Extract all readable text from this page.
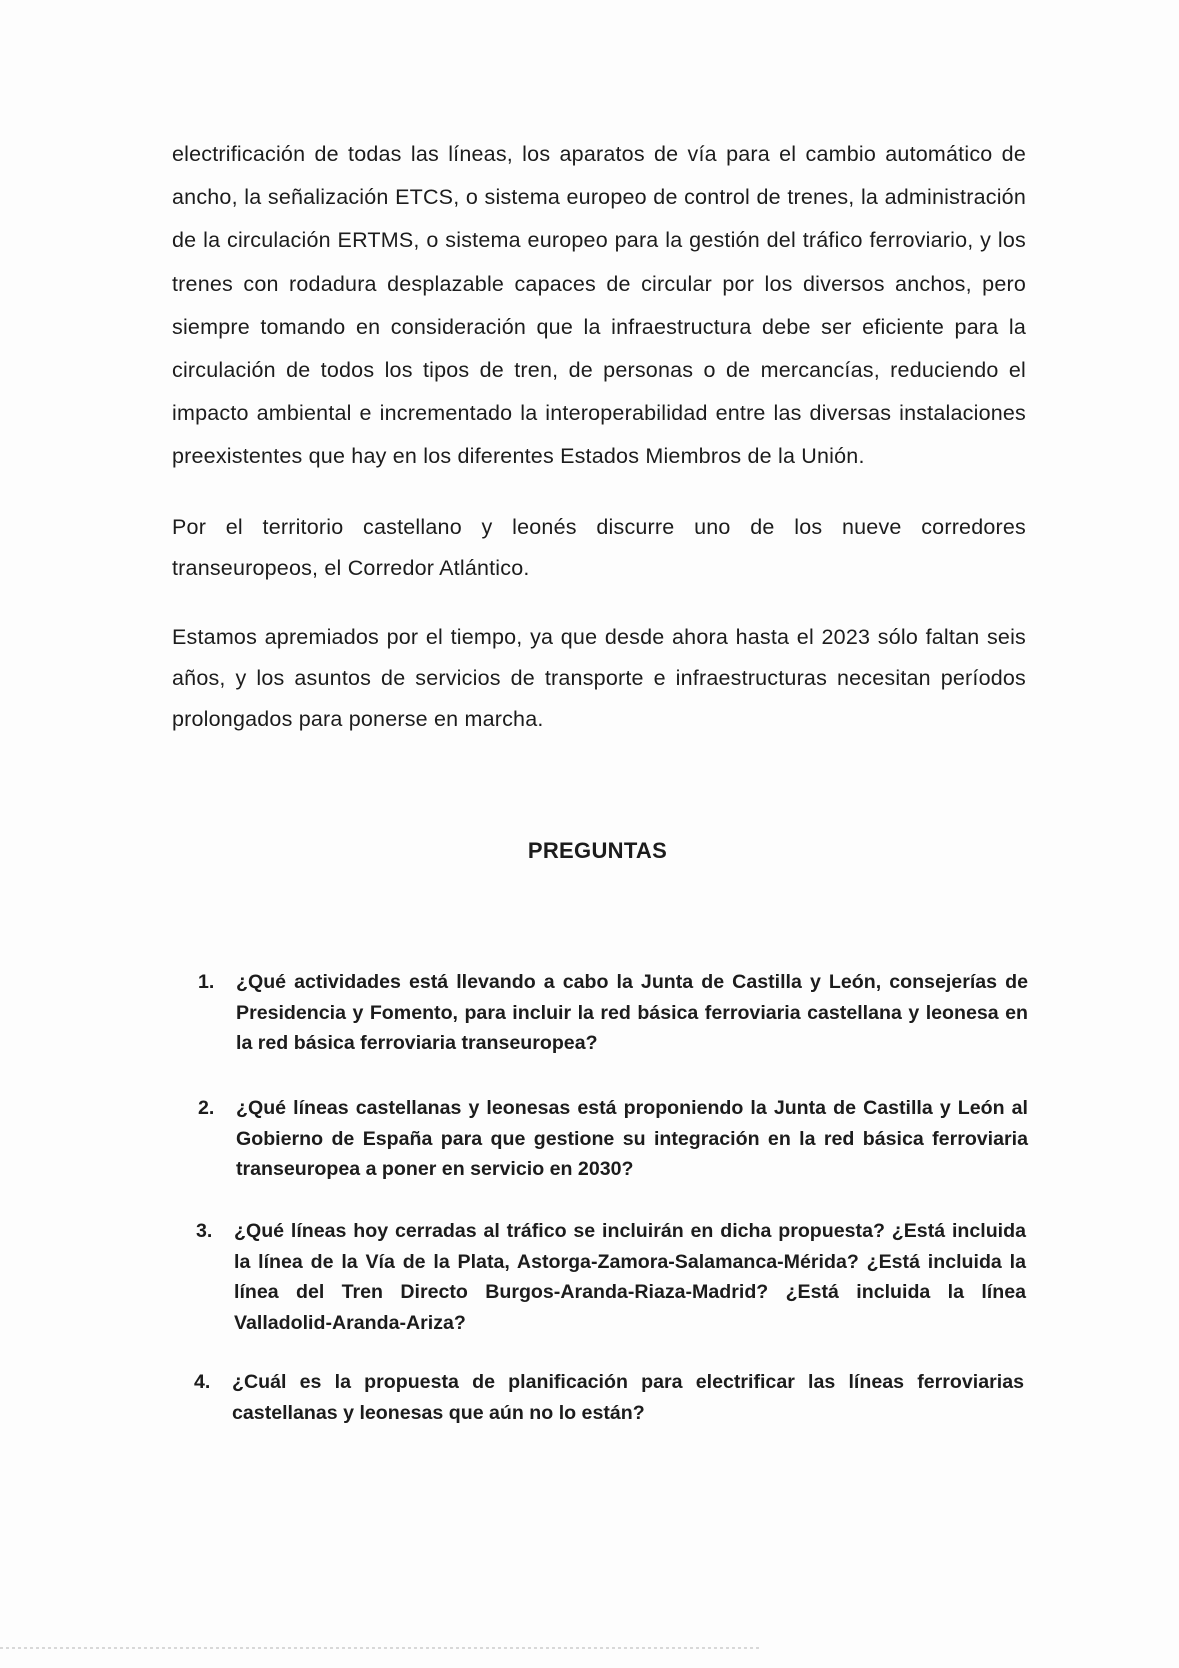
electrificación de todas las líneas, los aparatos de vía para el cambio automático de ancho, la señalización ETCS, o sistema europeo de control de trenes, la administración de la circulación ERTMS, o sistema europeo para la gestión del tráfico ferroviario, y los trenes con rodadura desplazable capaces de circular por los diversos anchos, pero siempre tomando en consideración que la infraestructura debe ser eficiente para la circulación de todos los tipos de tren, de personas o de mercancías, reduciendo el impacto ambiental e incrementado la interoperabilidad entre las diversas instalaciones preexistentes que hay en los diferentes Estados Miembros de la Unión.

Por el territorio castellano y leonés discurre uno de los nueve corredores transeuropeos, el Corredor Atlántico.

Estamos apremiados por el tiempo, ya que desde ahora hasta el 2023 sólo faltan seis años, y los asuntos de servicios de transporte e infraestructuras necesitan períodos prolongados para ponerse en marcha.

PREGUNTAS
1. ¿Qué actividades está llevando a cabo la Junta de Castilla y León, consejerías de Presidencia y Fomento, para incluir la red básica ferroviaria castellana y leonesa en la red básica ferroviaria transeuropea?
2. ¿Qué líneas castellanas y leonesas está proponiendo la Junta de Castilla y León al Gobierno de España para que gestione su integración en la red básica ferroviaria transeuropea a poner en servicio en 2030?
3. ¿Qué líneas hoy cerradas al tráfico se incluirán en dicha propuesta? ¿Está incluida la línea de la Vía de la Plata, Astorga-Zamora-Salamanca-Mérida? ¿Está incluida la línea del Tren Directo Burgos-Aranda-Riaza-Madrid? ¿Está incluida la línea Valladolid-Aranda-Ariza?
4. ¿Cuál es la propuesta de planificación para electrificar las líneas ferroviarias castellanas y leonesas que aún no lo están?
